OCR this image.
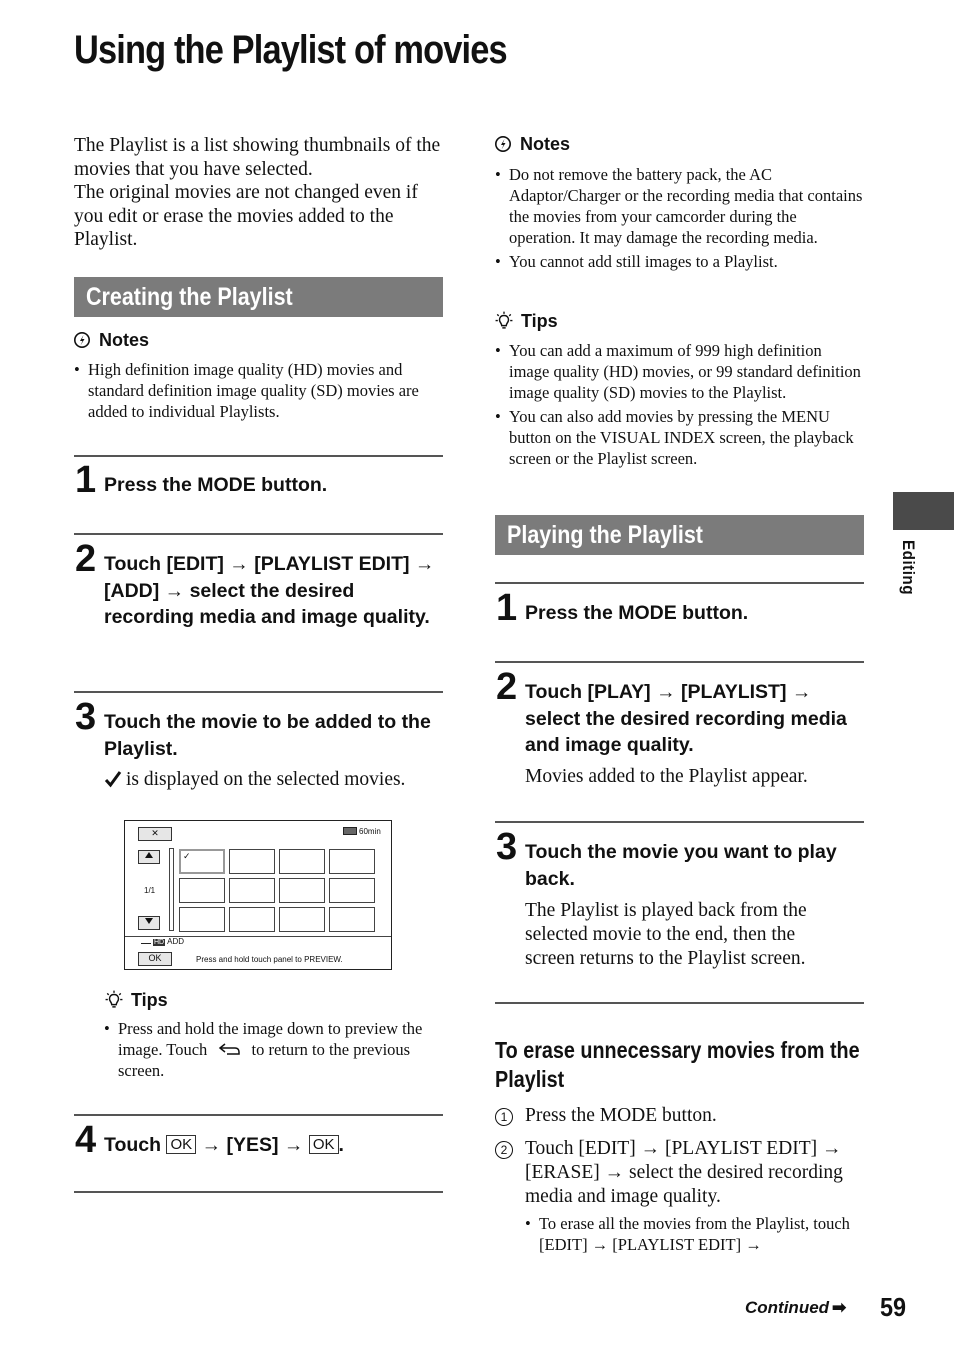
Using the Playlist of movies
The Playlist is a list showing thumbnails of the movies that you have selected.
The original movies are not changed even if you edit or erase the movies added to the Playlist.
Creating the Playlist
Notes
• High definition image quality (HD) movies and standard definition image quality (SD) movies are added to individual Playlists.
1 Press the MODE button.
2 Touch [EDIT] → [PLAYLIST EDIT] → [ADD] → select the desired recording media and image quality.
3 Touch the movie to be added to the Playlist.
is displayed on the selected movies.
✕	60min
1/1
✓
HD ADD
OK	Press and hold touch panel to PREVIEW.
Tips
• Press and hold the image down to preview the image. Touch	to return to the previous screen.
4 Touch OK → [YES] → OK .
Notes
• Do not remove the battery pack, the AC Adaptor/Charger or the recording media that contains the movies from your camcorder during the operation. It may damage the recording media.
• You cannot add still images to a Playlist.
Tips
• You can add a maximum of 999 high definition image quality (HD) movies, or 99 standard definition image quality (SD) movies to the Playlist.
• You can also add movies by pressing the MENU button on the VISUAL INDEX screen, the playback screen or the Playlist screen.
Playing the Playlist
1 Press the MODE button.
2 Touch [PLAY] → [PLAYLIST] → select the desired recording media and image quality.
Movies added to the Playlist appear.
3 Touch the movie you want to play back.
The Playlist is played back from the selected movie to the end, then the screen returns to the Playlist screen.
To erase unnecessary movies from the Playlist
1 Press the MODE button.
2 Touch [EDIT] → [PLAYLIST EDIT] → [ERASE] → select the desired recording media and image quality.
• To erase all the movies from the Playlist, touch [EDIT] → [PLAYLIST EDIT] →
Editing
Continued ➡ 59
